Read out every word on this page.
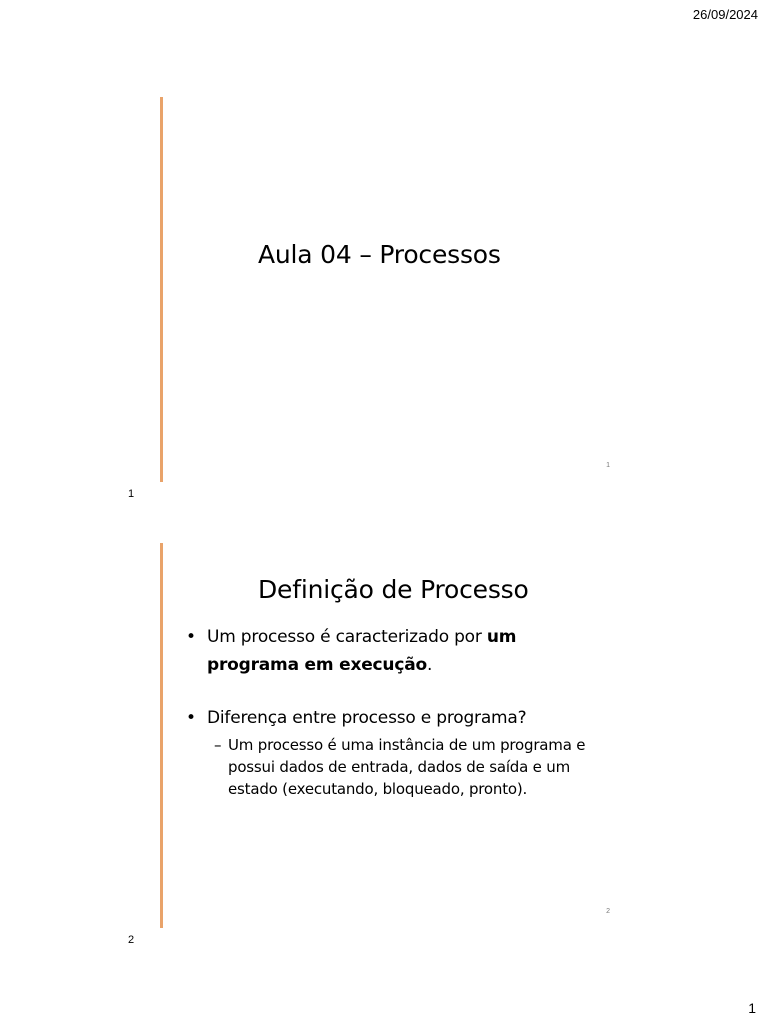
26/09/2024
Aula 04 – Processos
1
1
Definição de Processo
• Um processo é caracterizado por um programa em execução.
• Diferença entre processo e programa?
– Um processo é uma instância de um programa e possui dados de entrada, dados de saída e um estado (executando, bloqueado, pronto).
2
2
1
